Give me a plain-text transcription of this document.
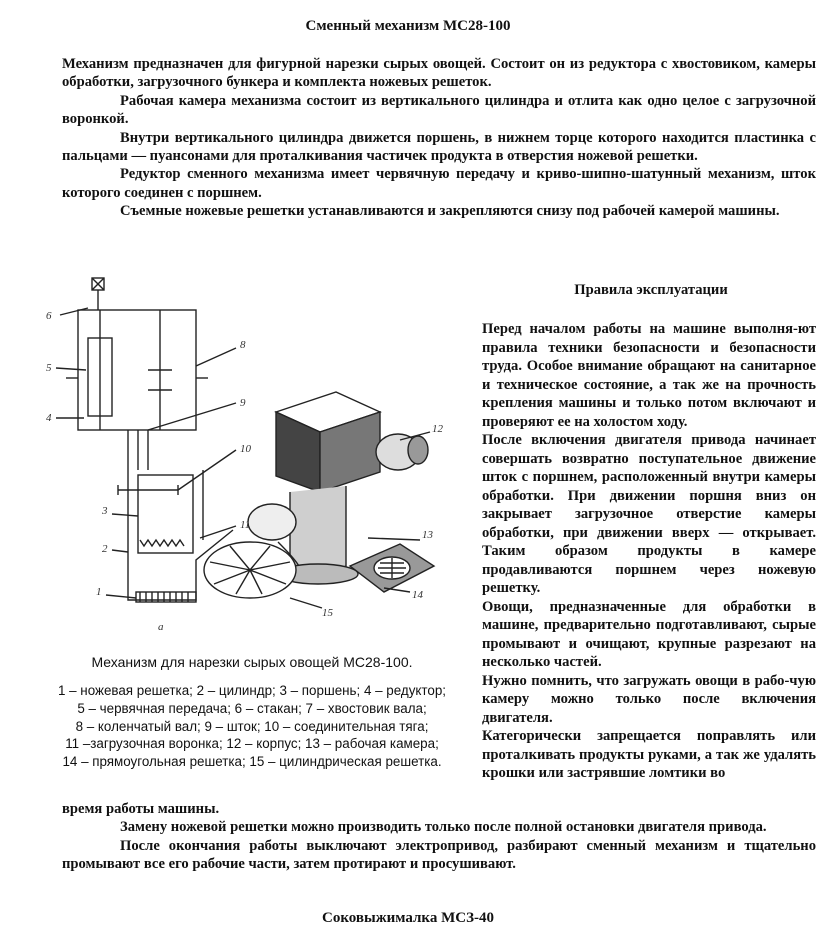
Сменный механизм МС28-100

Механизм предназначен для фигурной нарезки сырых овощей. Состоит он из редуктора с хвостовиком, камеры обработки, загрузочного бункера и комплекта ножевых решеток.

Рабочая камера механизма состоит из вертикального цилиндра и отлита как одно целое с загрузочной воронкой.

Внутри вертикального цилиндра движется поршень, в нижнем торце которого находится пластинка с пальцами — пуансонами для проталкивания частичек продукта в отверстия ножевой решетки.

Редуктор сменного механизма имеет червячную передачу и криво-шипно-шатунный механизм, шток которого соединен с поршнем.

Съемные ножевые решетки устанавливаются и закрепляются снизу под рабочей камерой машины.

6
5
4
3
2
1
8
9
10
11
12
13
14
15
а
Механизм для нарезки сырых овощей МС28-100.
1 – ножевая решетка; 2 – цилиндр; 3 – поршень; 4 – редуктор;
5 – червячная передача; 6 – стакан; 7 – хвостовик вала;
8 – коленчатый вал; 9 – шток; 10 – соединительная тяга;
11 –загрузочная воронка; 12 – корпус; 13 – рабочая камера;
14 – прямоугольная решетка; 15 – цилиндрическая решетка.
Правила эксплуатации

Перед началом работы на машине выполня-ют правила техники безопасности и безопасности труда. Особое внимание обращают на санитарное и техническое состояние, а так же на прочность крепления машины и только потом включают и проверяют ее на холостом ходу.

После включения двигателя привода начинает совершать возвратно поступательное движение шток с поршнем, расположенный внутри камеры обработки. При движении поршня вниз он закрывает загрузочное отверстие камеры обработки, при движении вверх — открывает. Таким образом продукты в камере продавливаются поршнем через ножевую решетку.

Овощи, предназначенные для обработки в машине, предварительно подготавливают, сырые промывают и очищают, крупные разрезают на несколько частей.

Нужно помнить, что загружать овощи в рабо-чую камеру можно только после включения двигателя.

Категорически запрещается поправлять или проталкивать продукты руками, а так же удалять крошки или застрявшие ломтики во

время работы машины.

Замену ножевой решетки можно производить только после полной остановки двигателя привода.

После окончания работы выключают электропривод, разбирают сменный механизм и тщательно промывают все его рабочие части, затем протирают и просушивают.

Соковыжималка МСЗ-40
